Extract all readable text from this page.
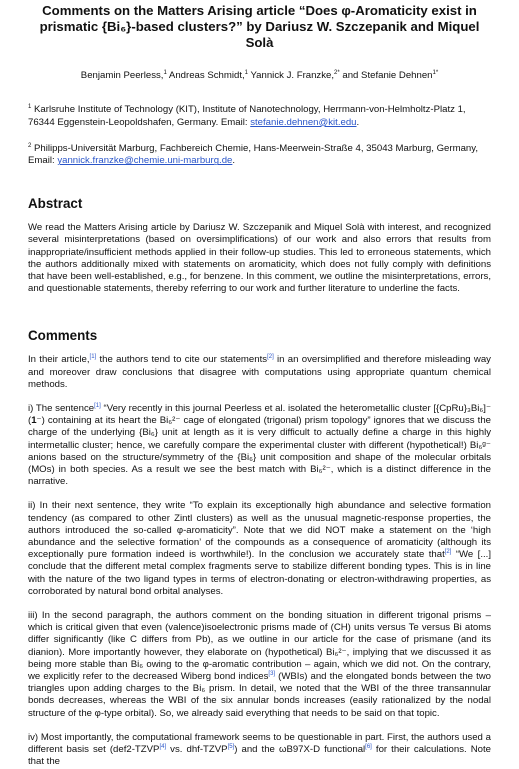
Comments on the Matters Arising article “Does φ-Aromaticity exist in prismatic {Bi₆}-based clusters?” by Dariusz W. Szczepanik and Miquel Solà
Benjamin Peerless,$^1$ Andreas Schmidt,$^1$ Yannick J. Franzke,$^{2*}$ and Stefanie Dehnen$^{1*}$
$^1$ Karlsruhe Institute of Technology (KIT), Institute of Nanotechnology, Herrmann-von-Helmholtz-Platz 1, 76344 Eggenstein-Leopoldshafen, Germany. Email: stefanie.dehnen@kit.edu.
$^2$ Philipps-Universität Marburg, Fachbereich Chemie, Hans-Meerwein-Straße 4, 35043 Marburg, Germany, Email: yannick.franzke@chemie.uni-marburg.de.
Abstract

We read the Matters Arising article by Dariusz W. Szczepanik and Miquel Solà with interest, and recognized several misinterpretations (based on oversimplifications) of our work and also errors that results from inappropriate/insufficient methods applied in their follow-up studies. This led to erroneous statements, which the authors additionally mixed with statements on aromaticity, which does not fully comply with definitions that have been well-established, e.g., for benzene. In this comment, we outline the misinterpretations, errors, and questionable statements, thereby referring to our work and further literature to underline the facts.

Comments

In their article,[1] the authors tend to cite our statements[2] in an oversimplified and therefore misleading way and moreover draw conclusions that disagree with computations using appropriate quantum chemical methods.

i) The sentence[1] “Very recently in this journal Peerless et al. isolated the heterometallic cluster [{CpRu}₃Bi₆]⁻ (1⁻) containing at its heart the Bi₆²⁻ cage of elongated (trigonal) prism topology” ignores that we discuss the charge of the underlying {Bi₆} unit at length as it is very difficult to actually define a charge in this highly intermetallic cluster; hence, we carefully compare the experimental cluster with different (hypothetical!) Bi₆ᵍ⁻ anions based on the structure/symmetry of the {Bi₆} unit composition and shape of the molecular orbitals (MOs) in both species. As a result we see the best match with Bi₆²⁻, which is a distinct difference in the narrative.

ii) In their next sentence, they write “To explain its exceptionally high abundance and selective formation tendency (as compared to other Zintl clusters) as well as the unusual magnetic-response properties, the authors introduced the so-called φ-aromaticity”. Note that we did NOT make a statement on the ‘high abundance and the selective formation’ of the compounds as a consequence of aromaticity (although its exceptionally pure formation indeed is worthwhile!). In the conclusion we accurately state that[2] “We [...] conclude that the different metal complex fragments serve to stabilize different bonding types. This is in line with the nature of the two ligand types in terms of electron-donating or electron-withdrawing properties, as corroborated by natural bond orbital analyses.

iii) In the second paragraph, the authors comment on the bonding situation in different trigonal prisms – which is critical given that even (valence)isoelectronic prisms made of (CH) units versus Te versus Bi atoms differ significantly (like C differs from Pb), as we outline in our article for the case of prismane (and its dianion). More importantly however, they elaborate on (hypothetical) Bi₆²⁻, implying that we discussed it as being more stable than Bi₆ owing to the φ-aromatic contribution – again, which we did not. On the contrary, we explicitly refer to the decreased Wiberg bond indices[3] (WBIs) and the elongated bonds between the two triangles upon adding charges to the Bi₆ prism. In detail, we noted that the WBI of the three transannular bonds decreases, whereas the WBI of the six annular bonds increases (easily rationalized by the nodal structure of the φ-type orbital). So, we already said everything that needs to be said on that topic.

iv) Most importantly, the computational framework seems to be questionable in part. First, the authors used a different basis set (def2-TZVP[4] vs. dhf-TZVP[5]) and the ωB97X-D functional[6] for their calculations. Note that the
